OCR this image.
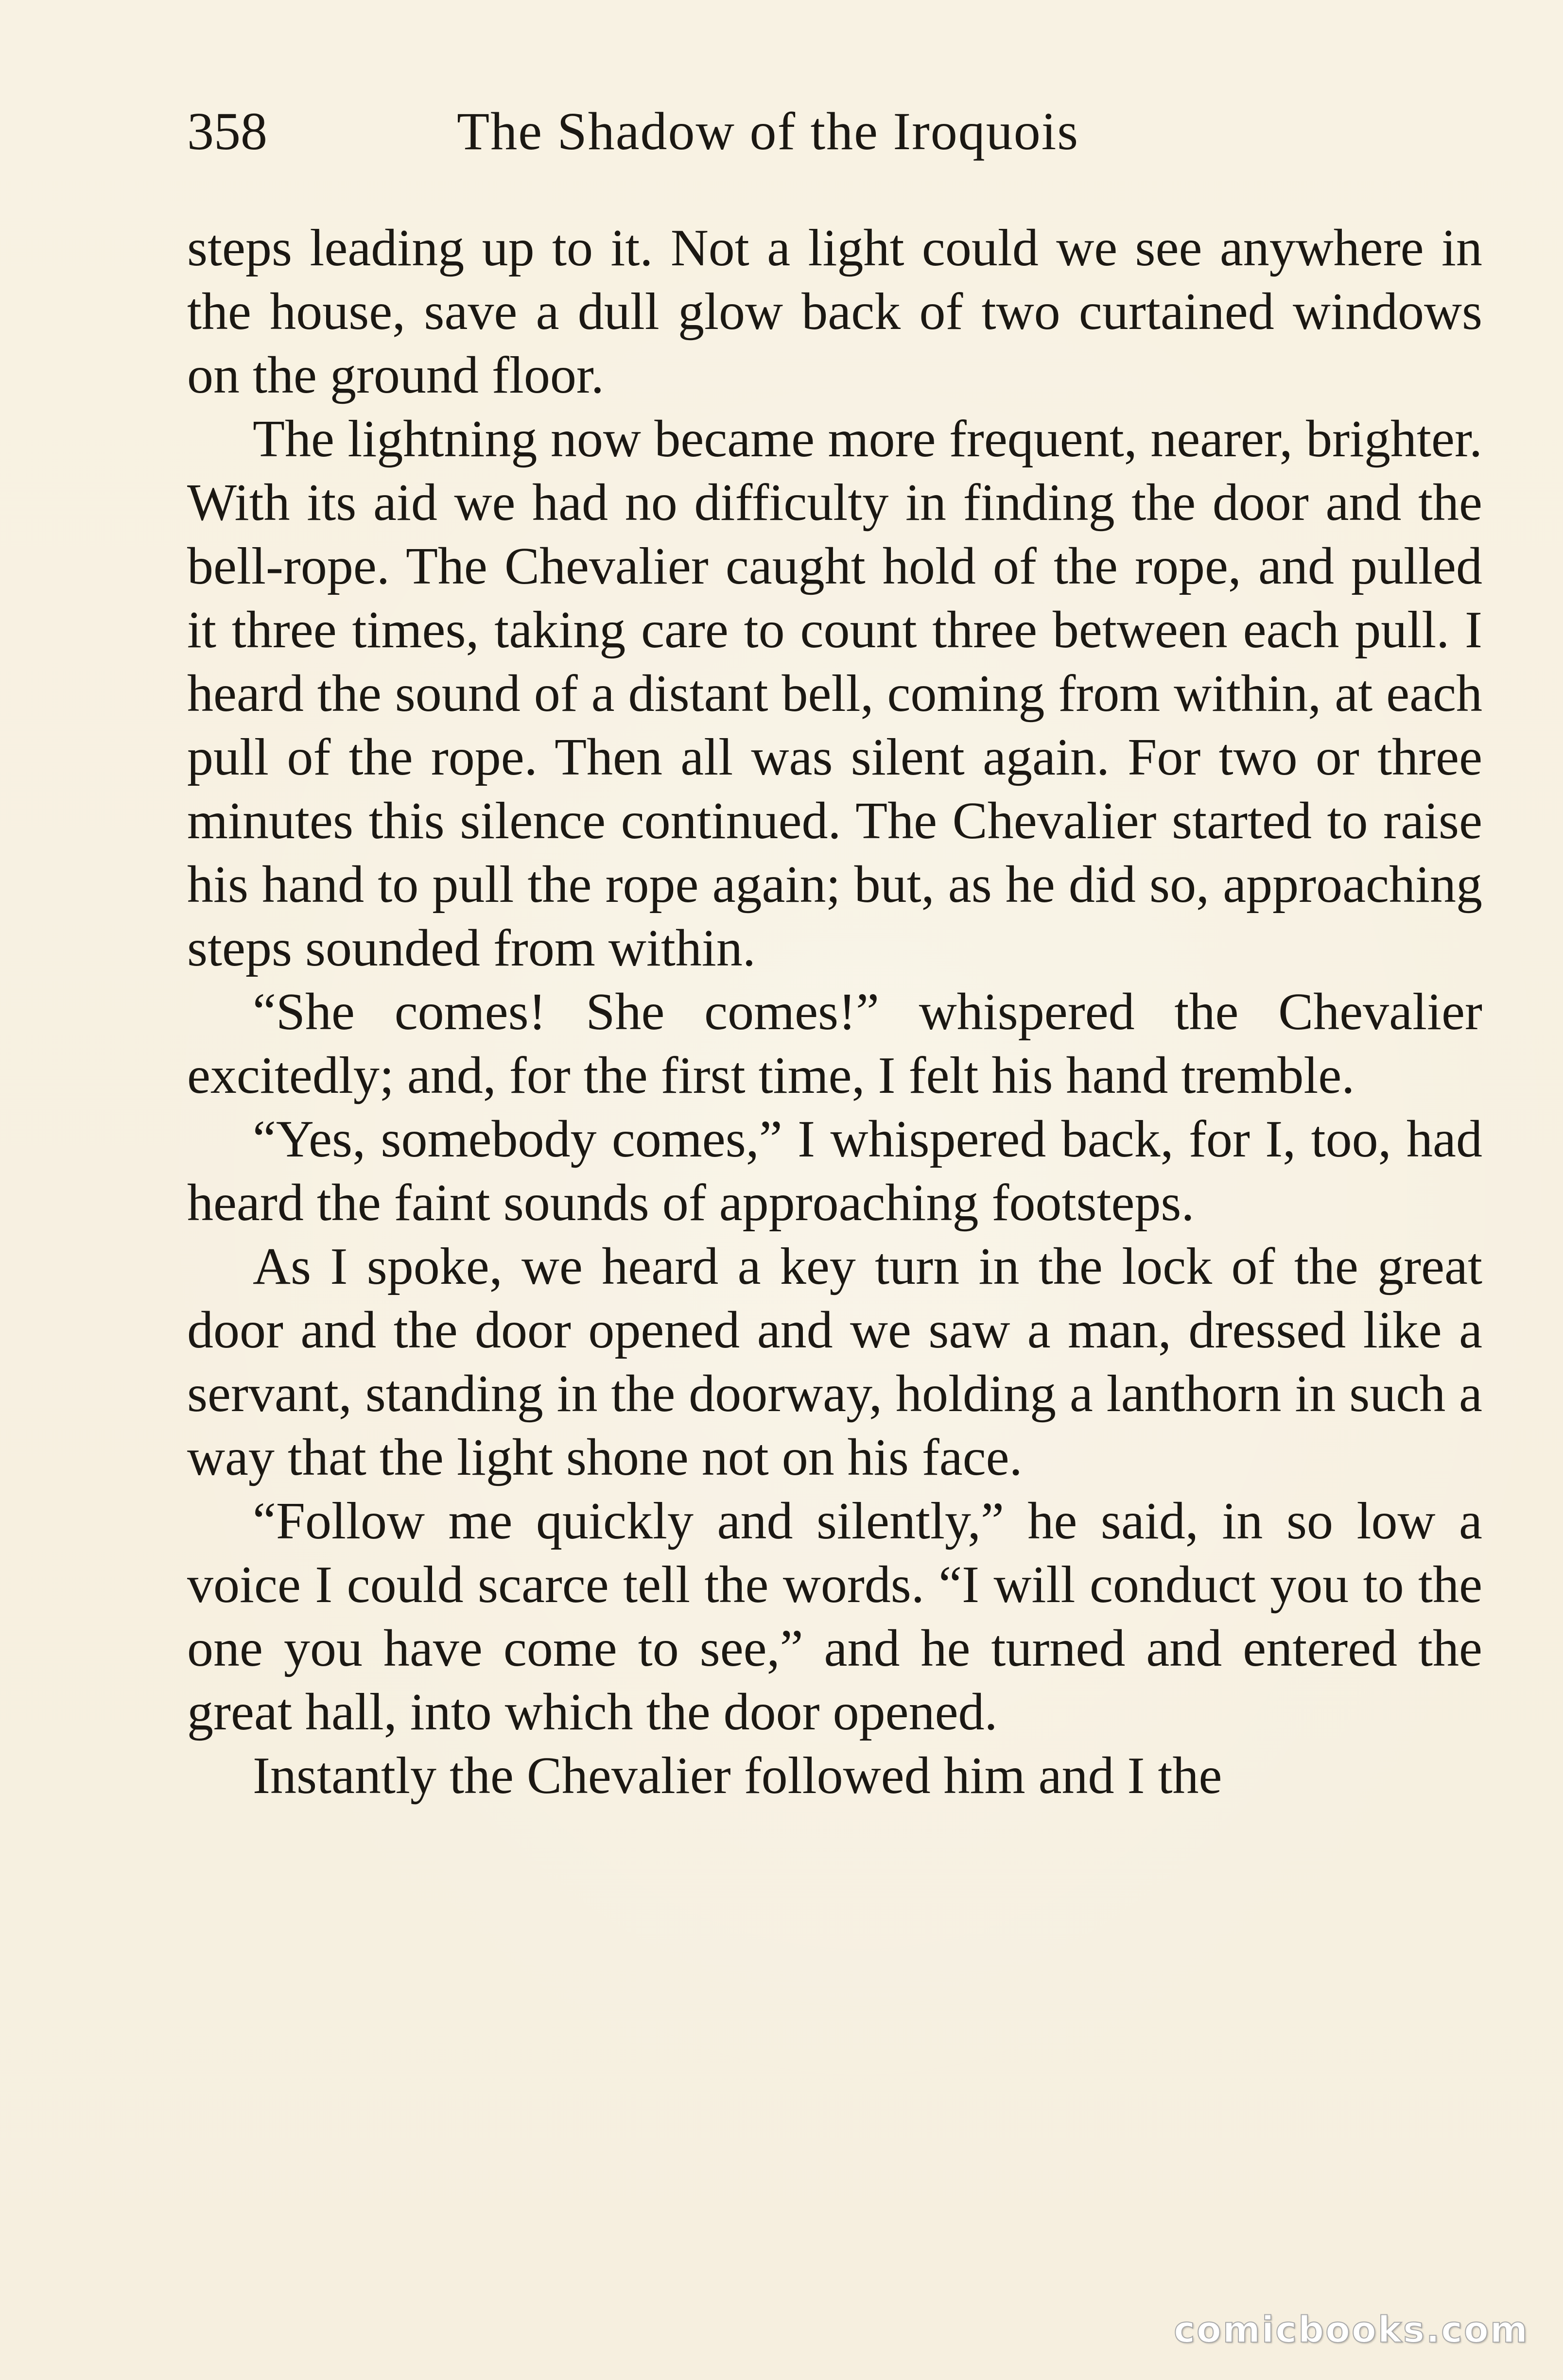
358	The Shadow of the Iroquois

steps leading up to it. Not a light could we see anywhere in the house, save a dull glow back of two curtained windows on the ground floor.

The lightning now became more frequent, nearer, brighter. With its aid we had no difficulty in finding the door and the bell-rope. The Chevalier caught hold of the rope, and pulled it three times, taking care to count three between each pull. I heard the sound of a distant bell, coming from within, at each pull of the rope. Then all was silent again. For two or three minutes this silence continued. The Chevalier started to raise his hand to pull the rope again; but, as he did so, approaching steps sounded from within.

“She comes! She comes!” whispered the Chevalier excitedly; and, for the first time, I felt his hand tremble.

“Yes, somebody comes,” I whispered back, for I, too, had heard the faint sounds of approaching footsteps.

As I spoke, we heard a key turn in the lock of the great door and the door opened and we saw a man, dressed like a servant, standing in the doorway, holding a lanthorn in such a way that the light shone not on his face.

“Follow me quickly and silently,” he said, in so low a voice I could scarce tell the words. “I will conduct you to the one you have come to see,” and he turned and entered the great hall, into which the door opened.

Instantly the Chevalier followed him and I the

comicbooks.com
